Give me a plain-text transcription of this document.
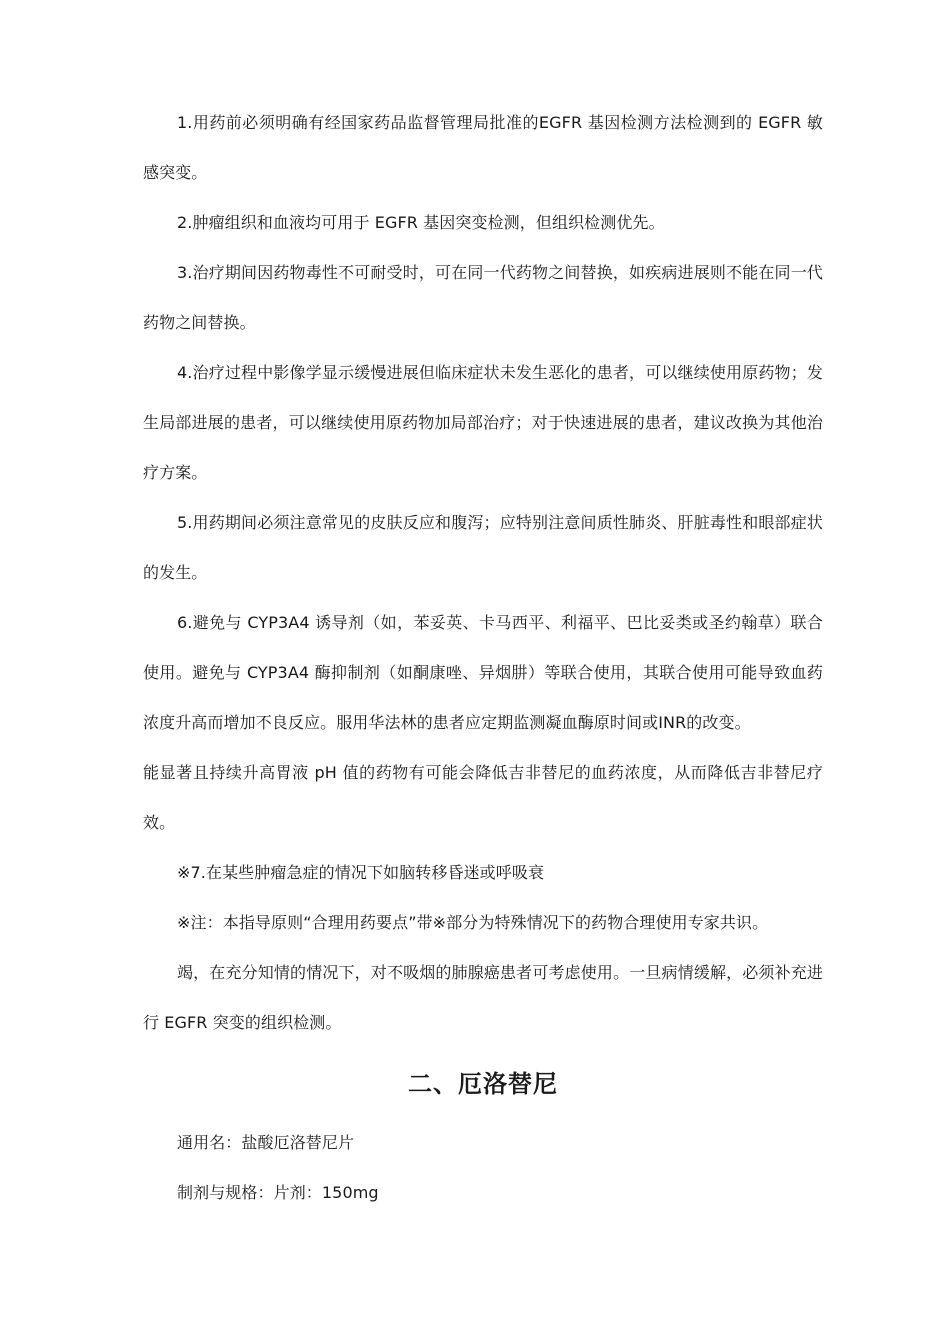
1.用药前必须明确有经国家药品监督管理局批准的EGFR 基因检测方法检测到的 EGFR 敏感突变。

2.肿瘤组织和血液均可用于 EGFR 基因突变检测，但组织检测优先。

3.治疗期间因药物毒性不可耐受时，可在同一代药物之间替换，如疾病进展则不能在同一代药物之间替换。

4.治疗过程中影像学显示缓慢进展但临床症状未发生恶化的患者，可以继续使用原药物；发生局部进展的患者，可以继续使用原药物加局部治疗；对于快速进展的患者，建议改换为其他治疗方案。

5.用药期间必须注意常见的皮肤反应和腹泻；应特别注意间质性肺炎、肝脏毒性和眼部症状的发生。

6.避免与 CYP3A4 诱导剂（如，苯妥英、卡马西平、利福平、巴比妥类或圣约翰草）联合使用。避免与 CYP3A4 酶抑制剂（如酮康唑、异烟肼）等联合使用，其联合使用可能导致血药浓度升高而增加不良反应。服用华法林的患者应定期监测凝血酶原时间或INR的改变。

能显著且持续升高胃液 pH 值的药物有可能会降低吉非替尼的血药浓度，从而降低吉非替尼疗效。

※7.在某些肿瘤急症的情况下如脑转移昏迷或呼吸衰

※注：本指导原则“合理用药要点”带※部分为特殊情况下的药物合理使用专家共识。

竭，在充分知情的情况下，对不吸烟的肺腺癌患者可考虑使用。一旦病情缓解，必须补充进行 EGFR 突变的组织检测。

二、厄洛替尼

通用名：盐酸厄洛替尼片

制剂与规格：片剂：150mg
